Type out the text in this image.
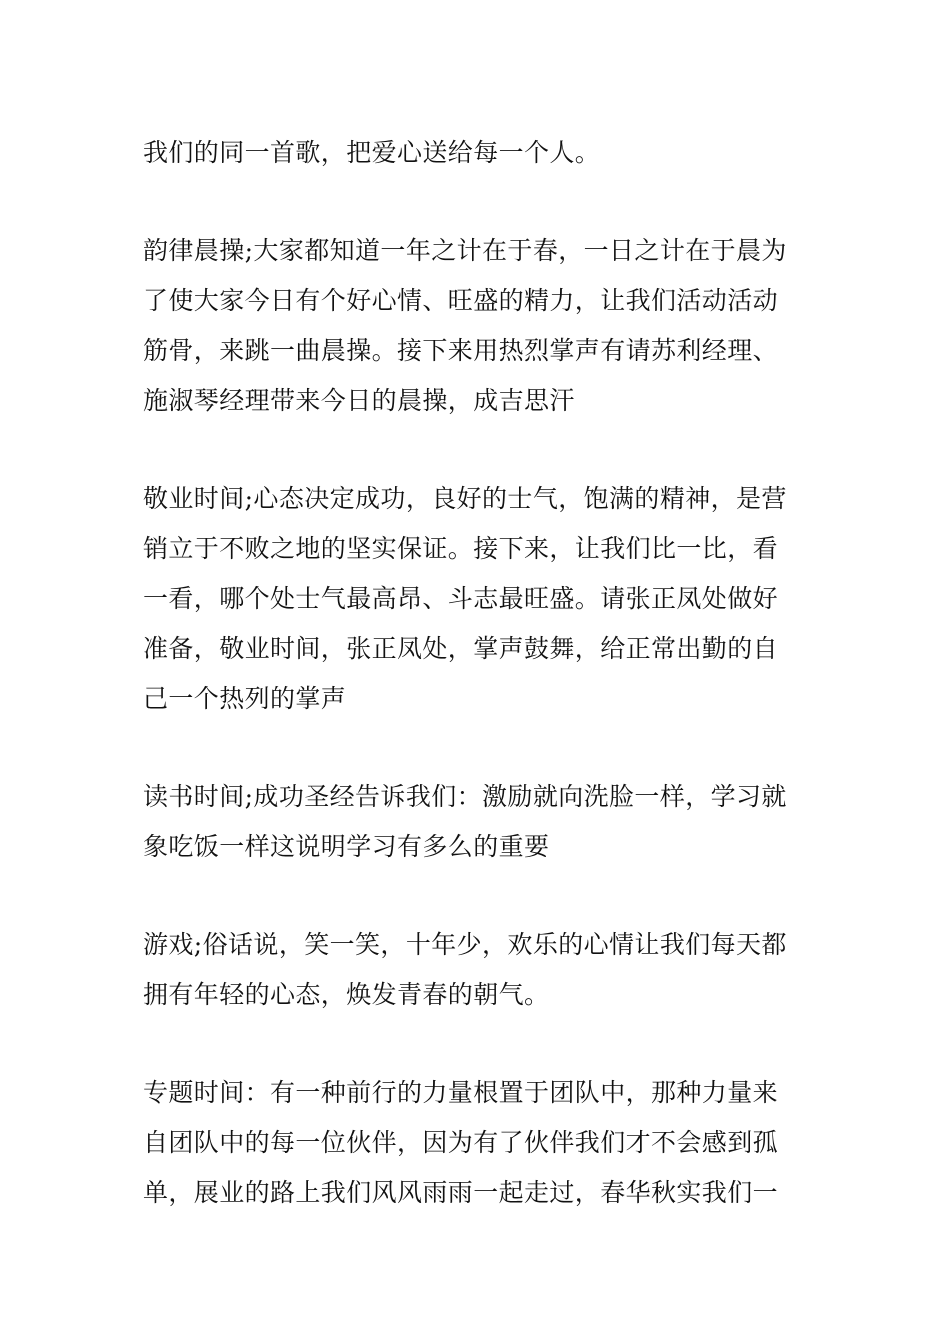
我们的同一首歌，把爱心送给每一个人。

韵律晨操;大家都知道一年之计在于春，一日之计在于晨为
了使大家今日有个好心情、旺盛的精力，让我们活动活动
筋骨，来跳一曲晨操。接下来用热烈掌声有请苏利经理、
施淑琴经理带来今日的晨操，成吉思汗

敬业时间;心态决定成功，良好的士气，饱满的精神，是营
销立于不败之地的坚实保证。接下来，让我们比一比，看
一看，哪个处士气最高昂、斗志最旺盛。请张正凤处做好
准备，敬业时间，张正凤处，掌声鼓舞，给正常出勤的自
己一个热列的掌声

读书时间;成功圣经告诉我们：激励就向洗脸一样，学习就
象吃饭一样这说明学习有多么的重要

游戏;俗话说，笑一笑，十年少，欢乐的心情让我们每天都
拥有年轻的心态，焕发青春的朝气。

专题时间：有一种前行的力量根置于团队中，那种力量来
自团队中的每一位伙伴，因为有了伙伴我们才不会感到孤
单，展业的路上我们风风雨雨一起走过，春华秋实我们一
